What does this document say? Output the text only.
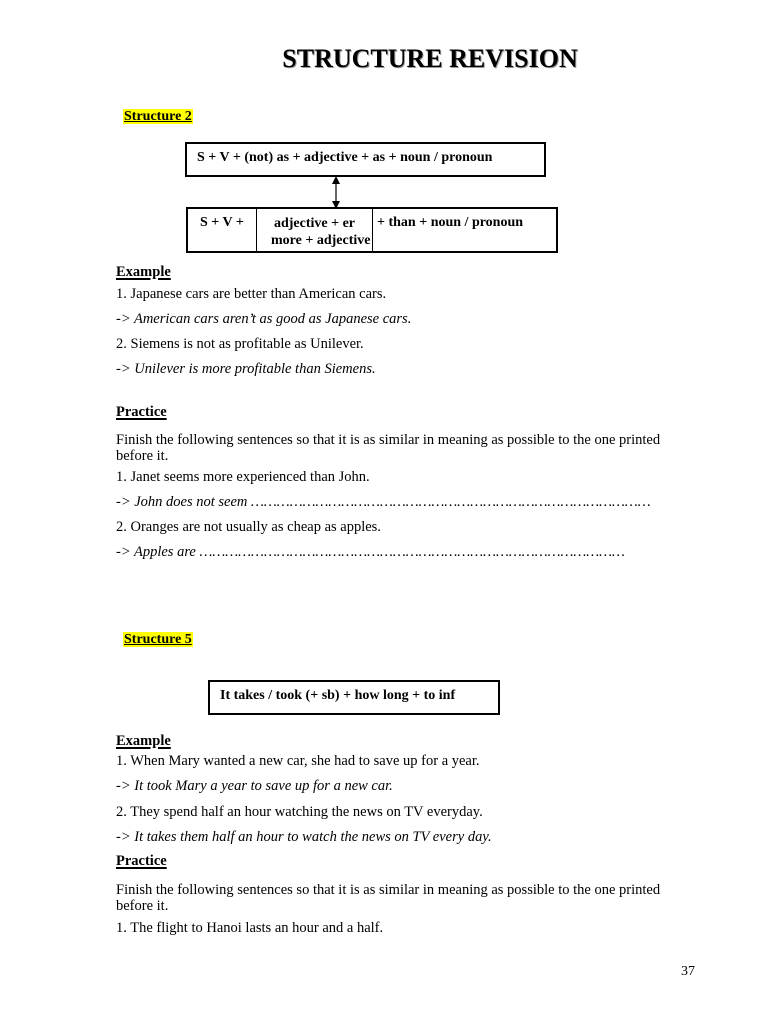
STRUCTURE REVISION
Structure 2
S + V + (not) as + adjective + as + noun / pronoun
S + V +	adjective + er
more + adjective
+ than + noun / pronoun
Example
1. Japanese cars are better than American cars.
-> American cars aren’t as good as Japanese cars.
2. Siemens is not as profitable as Unilever.
-> Unilever is more profitable than Siemens.
Practice
Finish the following sentences so that it is as similar in meaning as possible to the one printed before it.
1. Janet seems more experienced than John.
-> John does not seem …………………………………………………………………………………
2. Oranges are not usually as cheap as apples.
-> Apples are ………………………………………………………………………………………
Structure 5
It takes / took (+ sb) + how long + to inf
Example
1. When Mary wanted a new car, she had to save up for a year.
-> It took Mary a year to save up for a new car.
2. They spend half an hour watching the news on TV everyday.
-> It takes them half an hour to watch the news on TV every day.
Practice
Finish the following sentences so that it is as similar in meaning as possible to the one printed before it.
1. The flight to Hanoi lasts an hour and a half.
37
